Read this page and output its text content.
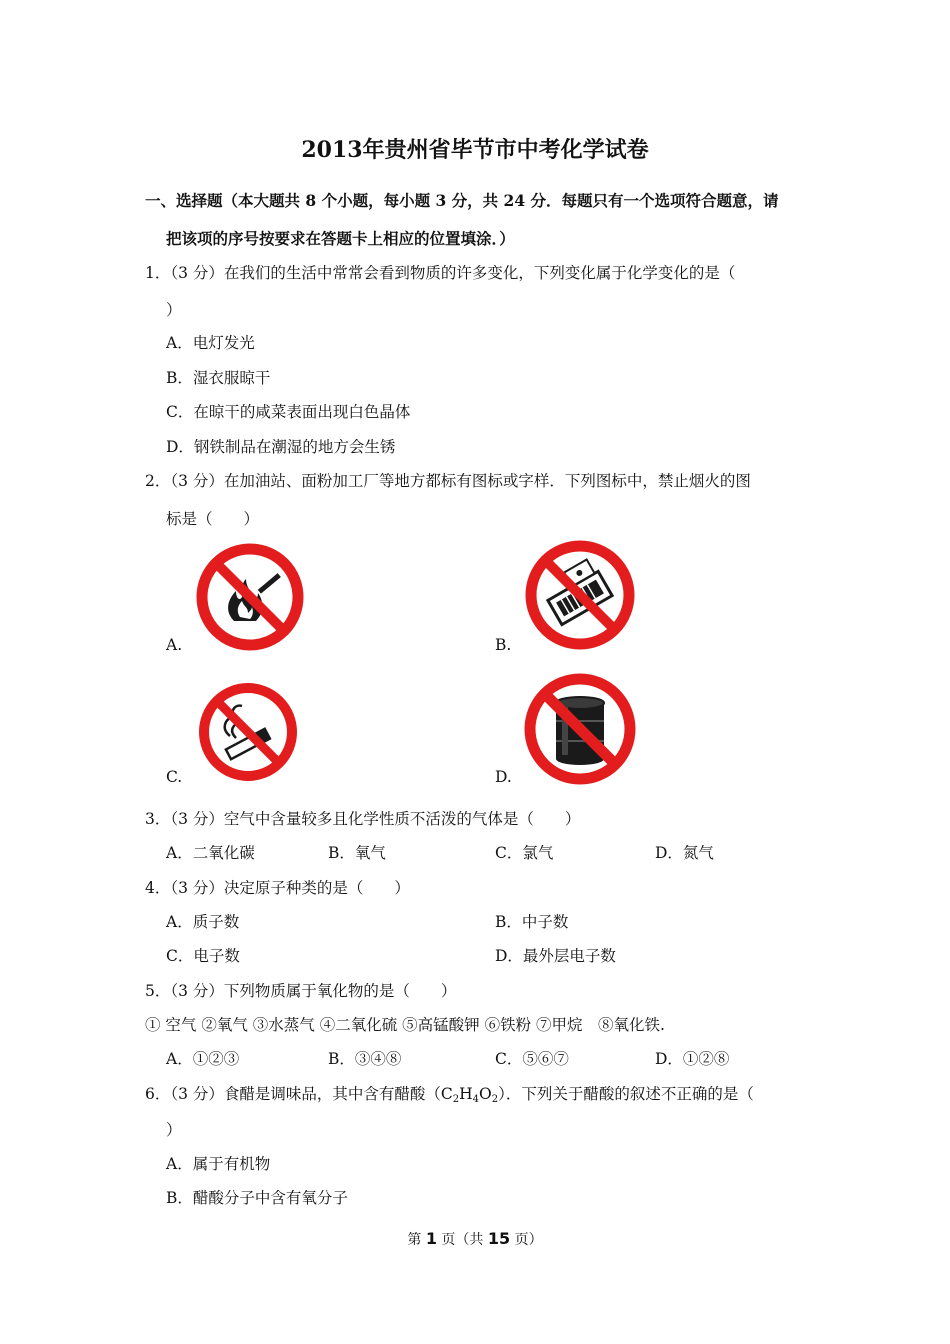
2013年贵州省毕节市中考化学试卷
一、选择题（本大题共 8 个小题，每小题 3 分，共 24 分．每题只有一个选项符合题意，请
把该项的序号按要求在答题卡上相应的位置填涂．）
1．（3 分）在我们的生活中常常会看到物质的许多变化，下列变化属于化学变化的是（
）
A．电灯发光
B．湿衣服晾干
C．在晾干的咸菜表面出现白色晶体
D．钢铁制品在潮湿的地方会生锈
2．（3 分）在加油站、面粉加工厂等地方都标有图标或字样．下列图标中，禁止烟火的图
标是（　　）
A.	B.
C.	D.
3．（3 分）空气中含量较多且化学性质不活泼的气体是（　　）
A．二氧化碳	B．氧气	C．氯气	D．氮气
4．（3 分）决定原子种类的是（　　）
A．质子数	B．中子数
C．电子数	D．最外层电子数
5．（3 分）下列物质属于氧化物的是（　　）
① 空气 ②氧气 ③水蒸气 ④二氧化硫 ⑤高锰酸钾 ⑥铁粉 ⑦甲烷　⑧氧化铁.
A．①②③	B．③④⑧	C．⑤⑥⑦	D．①②⑧
6．（3 分）食醋是调味品，其中含有醋酸$(C_2H_4O_2)$．下列关于醋酸的叙述不正确的是（
）
A．属于有机物
B．醋酸分子中含有氧分子
第 1 页（共 15 页）
